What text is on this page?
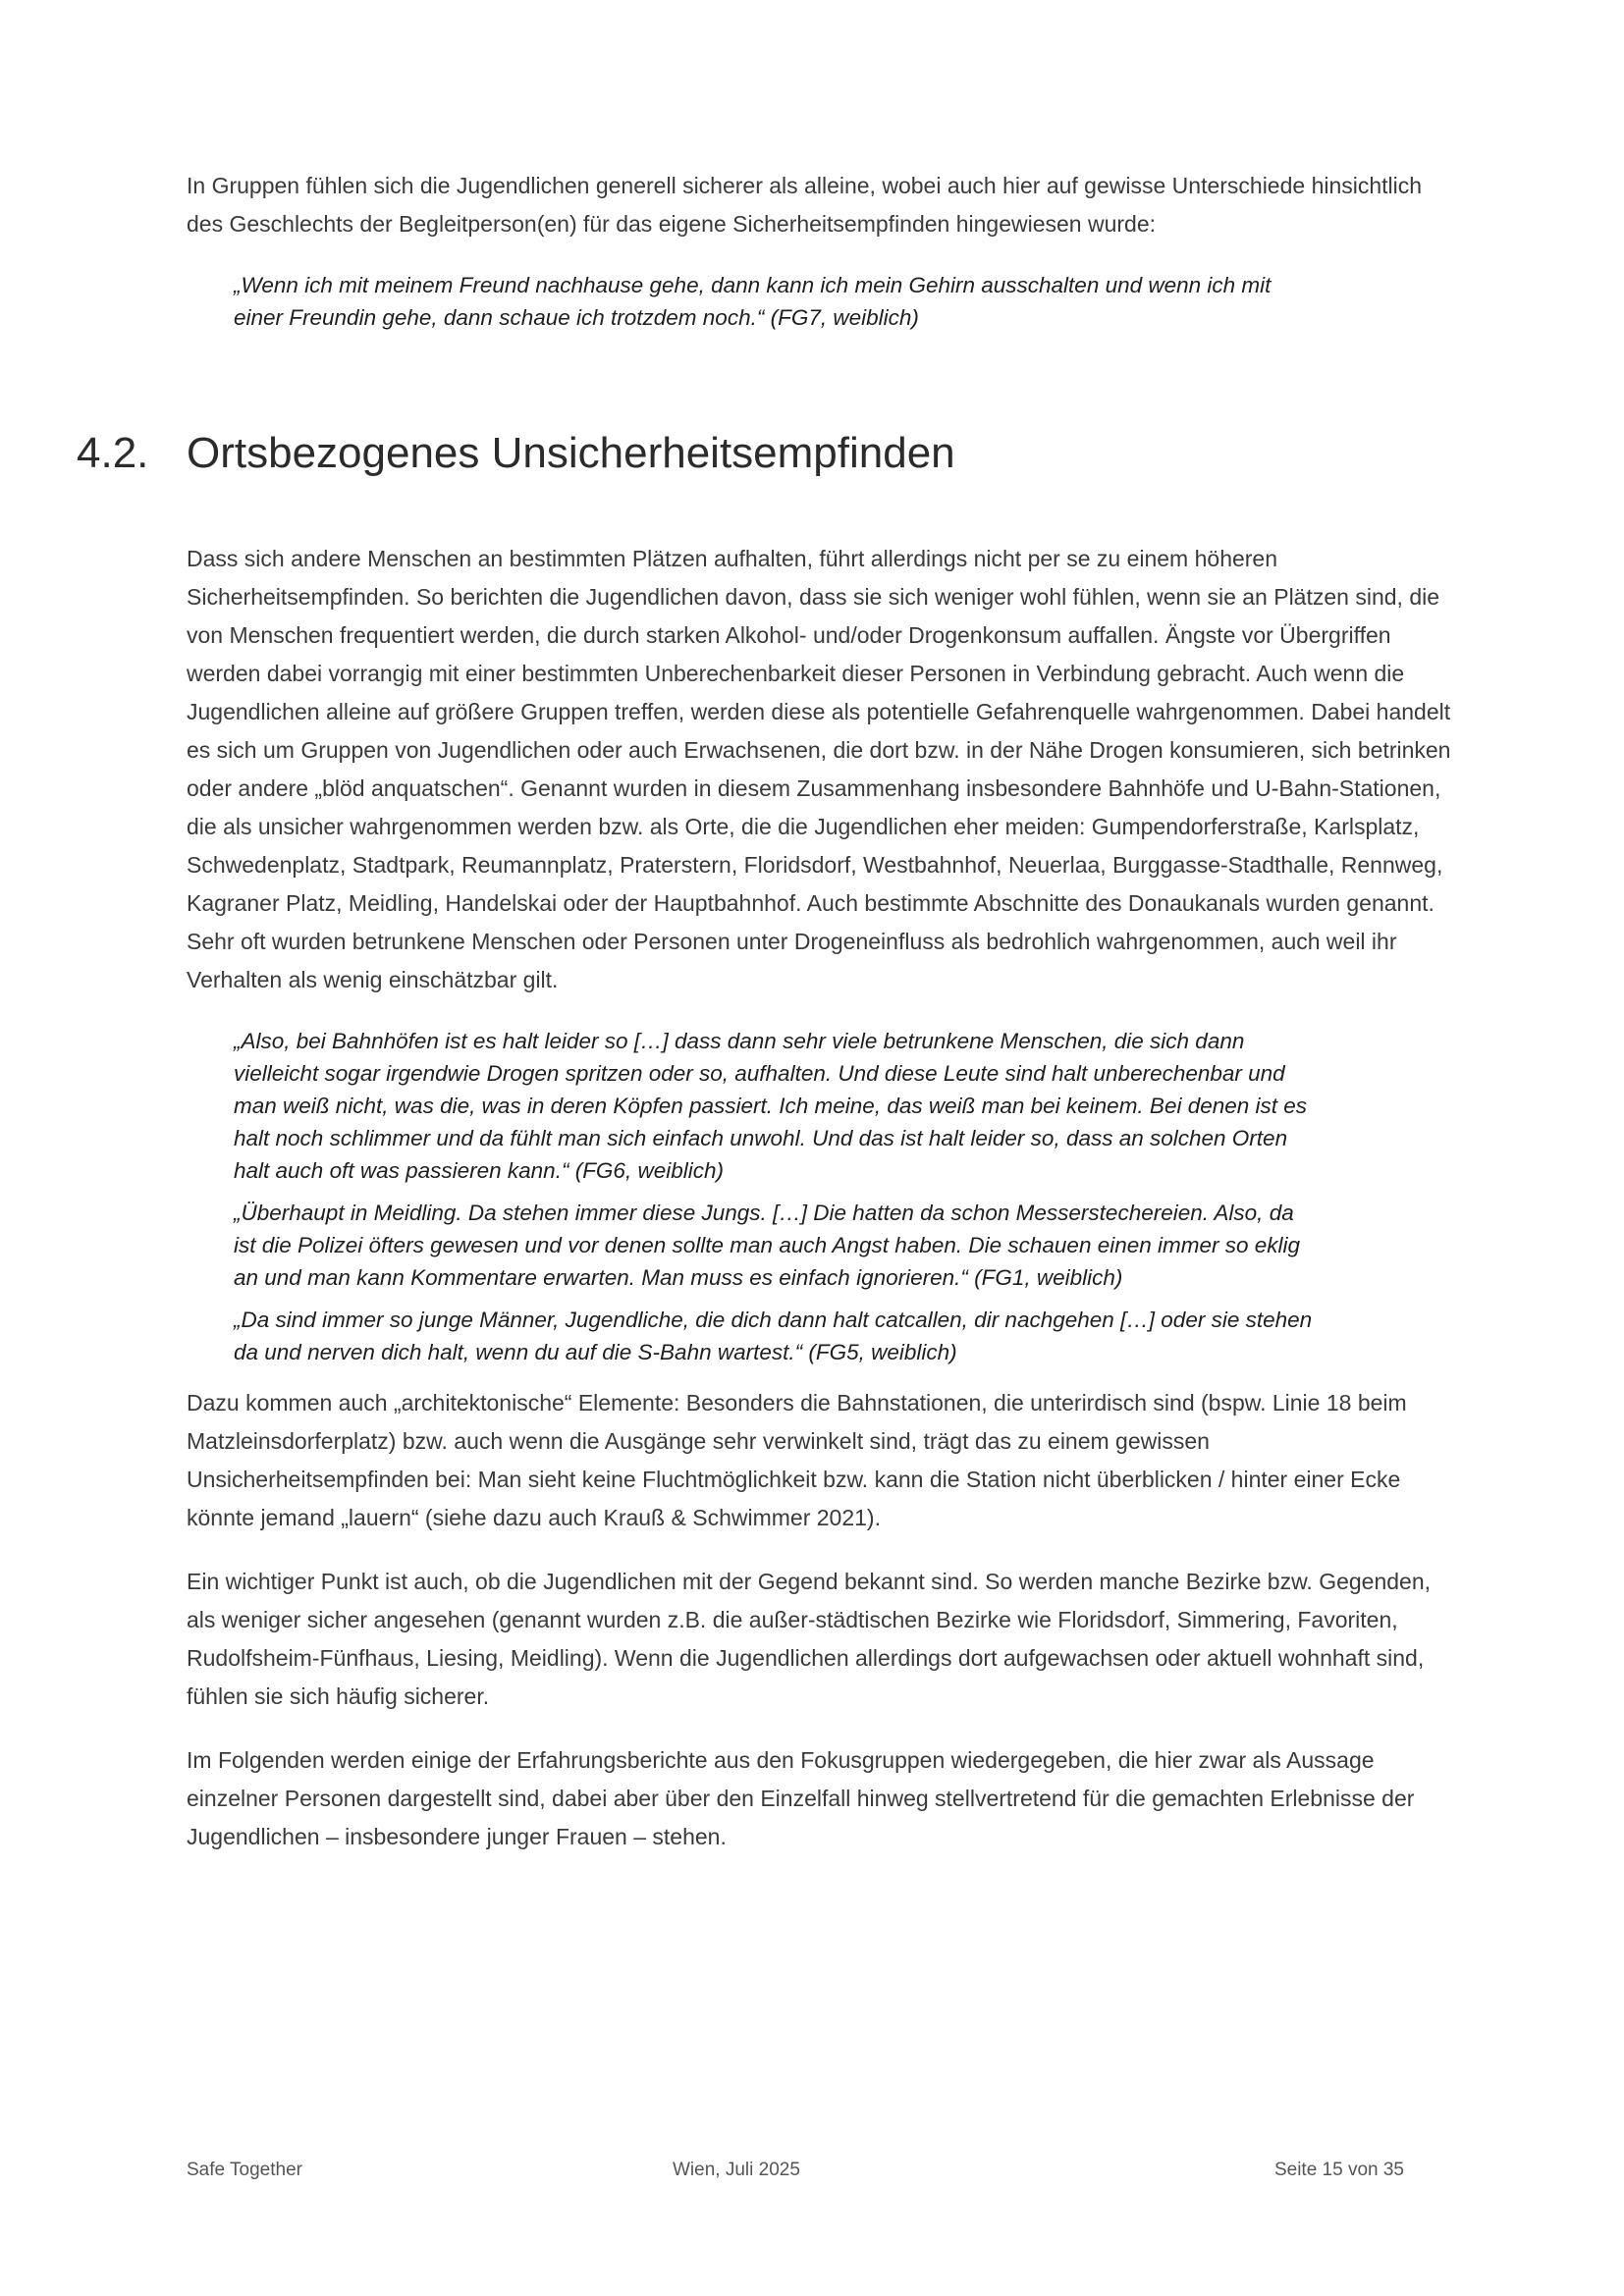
In Gruppen fühlen sich die Jugendlichen generell sicherer als alleine, wobei auch hier auf gewisse Unterschiede hinsichtlich des Geschlechts der Begleitperson(en) für das eigene Sicherheitsempfinden hingewiesen wurde:

„Wenn ich mit meinem Freund nachhause gehe, dann kann ich mein Gehirn ausschalten und wenn ich mit einer Freundin gehe, dann schaue ich trotzdem noch.“ (FG7, weiblich)

4.2. Ortsbezogenes Unsicherheitsempfinden

Dass sich andere Menschen an bestimmten Plätzen aufhalten, führt allerdings nicht per se zu einem höheren Sicherheitsempfinden. So berichten die Jugendlichen davon, dass sie sich weniger wohl fühlen, wenn sie an Plätzen sind, die von Menschen frequentiert werden, die durch starken Alkohol- und/oder Drogenkonsum auffallen. Ängste vor Übergriffen werden dabei vorrangig mit einer bestimmten Unberechenbarkeit dieser Personen in Verbindung gebracht. Auch wenn die Jugendlichen alleine auf größere Gruppen treffen, werden diese als potentielle Gefahrenquelle wahrgenommen. Dabei handelt es sich um Gruppen von Jugendlichen oder auch Erwachsenen, die dort bzw. in der Nähe Drogen konsumieren, sich betrinken oder andere „blöd anquatschen“. Genannt wurden in diesem Zusammenhang insbesondere Bahnhöfe und U-Bahn-Stationen, die als unsicher wahrgenommen werden bzw. als Orte, die die Jugendlichen eher meiden: Gumpendorferstraße, Karlsplatz, Schwedenplatz, Stadtpark, Reumannplatz, Praterstern, Floridsdorf, Westbahnhof, Neuerlaa, Burggasse-Stadthalle, Rennweg, Kagraner Platz, Meidling, Handelskai oder der Hauptbahnhof. Auch bestimmte Abschnitte des Donaukanals wurden genannt. Sehr oft wurden betrunkene Menschen oder Personen unter Drogeneinfluss als bedrohlich wahrgenommen, auch weil ihr Verhalten als wenig einschätzbar gilt.

„Also, bei Bahnhöfen ist es halt leider so […] dass dann sehr viele betrunkene Menschen, die sich dann vielleicht sogar irgendwie Drogen spritzen oder so, aufhalten. Und diese Leute sind halt unberechenbar und man weiß nicht, was die, was in deren Köpfen passiert. Ich meine, das weiß man bei keinem. Bei denen ist es halt noch schlimmer und da fühlt man sich einfach unwohl. Und das ist halt leider so, dass an solchen Orten halt auch oft was passieren kann.“ (FG6, weiblich)

„Überhaupt in Meidling. Da stehen immer diese Jungs. […] Die hatten da schon Messerstechereien. Also, da ist die Polizei öfters gewesen und vor denen sollte man auch Angst haben. Die schauen einen immer so eklig an und man kann Kommentare erwarten. Man muss es einfach ignorieren.“ (FG1, weiblich)

„Da sind immer so junge Männer, Jugendliche, die dich dann halt catcallen, dir nachgehen […] oder sie stehen da und nerven dich halt, wenn du auf die S-Bahn wartest.“ (FG5, weiblich)

Dazu kommen auch „architektonische“ Elemente: Besonders die Bahnstationen, die unterirdisch sind (bspw. Linie 18 beim Matzleinsdorferplatz) bzw. auch wenn die Ausgänge sehr verwinkelt sind, trägt das zu einem gewissen Unsicherheitsempfinden bei: Man sieht keine Fluchtmöglichkeit bzw. kann die Station nicht überblicken / hinter einer Ecke könnte jemand „lauern“ (siehe dazu auch Krauß & Schwimmer 2021).

Ein wichtiger Punkt ist auch, ob die Jugendlichen mit der Gegend bekannt sind. So werden manche Bezirke bzw. Gegenden, als weniger sicher angesehen (genannt wurden z.B. die außer-städtischen Bezirke wie Floridsdorf, Simmering, Favoriten, Rudolfsheim-Fünfhaus, Liesing, Meidling). Wenn die Jugendlichen allerdings dort aufgewachsen oder aktuell wohnhaft sind, fühlen sie sich häufig sicherer.

Im Folgenden werden einige der Erfahrungsberichte aus den Fokusgruppen wiedergegeben, die hier zwar als Aussage einzelner Personen dargestellt sind, dabei aber über den Einzelfall hinweg stellvertretend für die gemachten Erlebnisse der Jugendlichen – insbesondere junger Frauen – stehen.

Safe Together	Wien, Juli 2025	Seite 15 von 35
